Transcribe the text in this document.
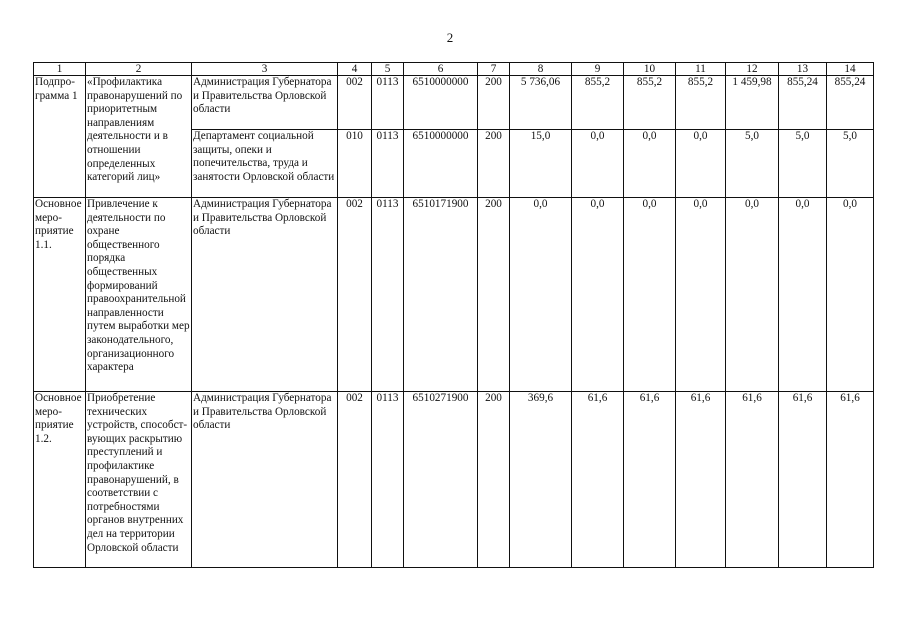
2
1	2	3	4	5	6	7	8	9	10	11	12	13	14
Подпро-грамма 1	«Профилактика правонарушений по приоритетным направлениям деятельности и в отношении определенных категорий лиц»	Администрация Губернатора и Правительства Орловской области	002	0113	6510000000	200	5 736,06	855,2	855,2	855,2	1 459,98	855,24	855,24
		Департамент социальной защиты, опеки и попечительства, труда и занятости Орловской области	010	0113	6510000000	200	15,0	0,0	0,0	0,0	5,0	5,0	5,0
Основное меро-приятие 1.1.	Привлечение к деятельности по охране общественного порядка общественных формирований правоохранительной направленности путем выработки мер законодательного, организационного характера	Администрация Губернатора и Правительства Орловской области	002	0113	6510171900	200	0,0	0,0	0,0	0,0	0,0	0,0	0,0
Основное меро-приятие 1.2.	Приобретение технических устройств, способст-вующих раскрытию преступлений и профилактике правонарушений, в соответствии с потребностями органов внутренних дел на территории Орловской области	Администрация Губернатора и Правительства Орловской области	002	0113	6510271900	200	369,6	61,6	61,6	61,6	61,6	61,6	61,6
